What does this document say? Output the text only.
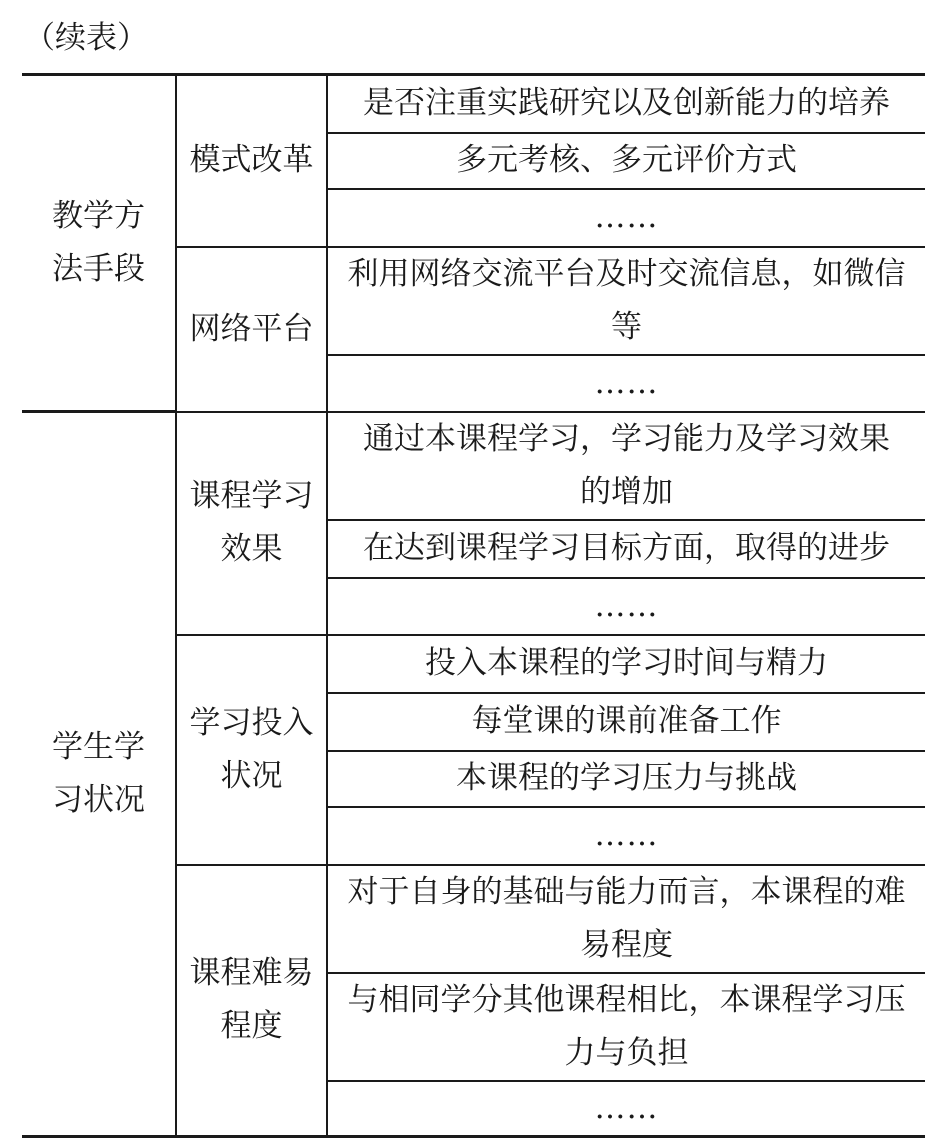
（续表）
教学方法手段	模式改革	是否注重实践研究以及创新能力的培养
		多元考核、多元评价方式
		……
	网络平台	利用网络交流平台及时交流信息，如微信等
		……
学生学习状况	课程学习效果	通过本课程学习，学习能力及学习效果的增加
		在达到课程学习目标方面，取得的进步
		……
	学习投入状况	投入本课程的学习时间与精力
		每堂课的课前准备工作
		本课程的学习压力与挑战
		……
	课程难易程度	对于自身的基础与能力而言，本课程的难易程度
		与相同学分其他课程相比，本课程学习压力与负担
		……
